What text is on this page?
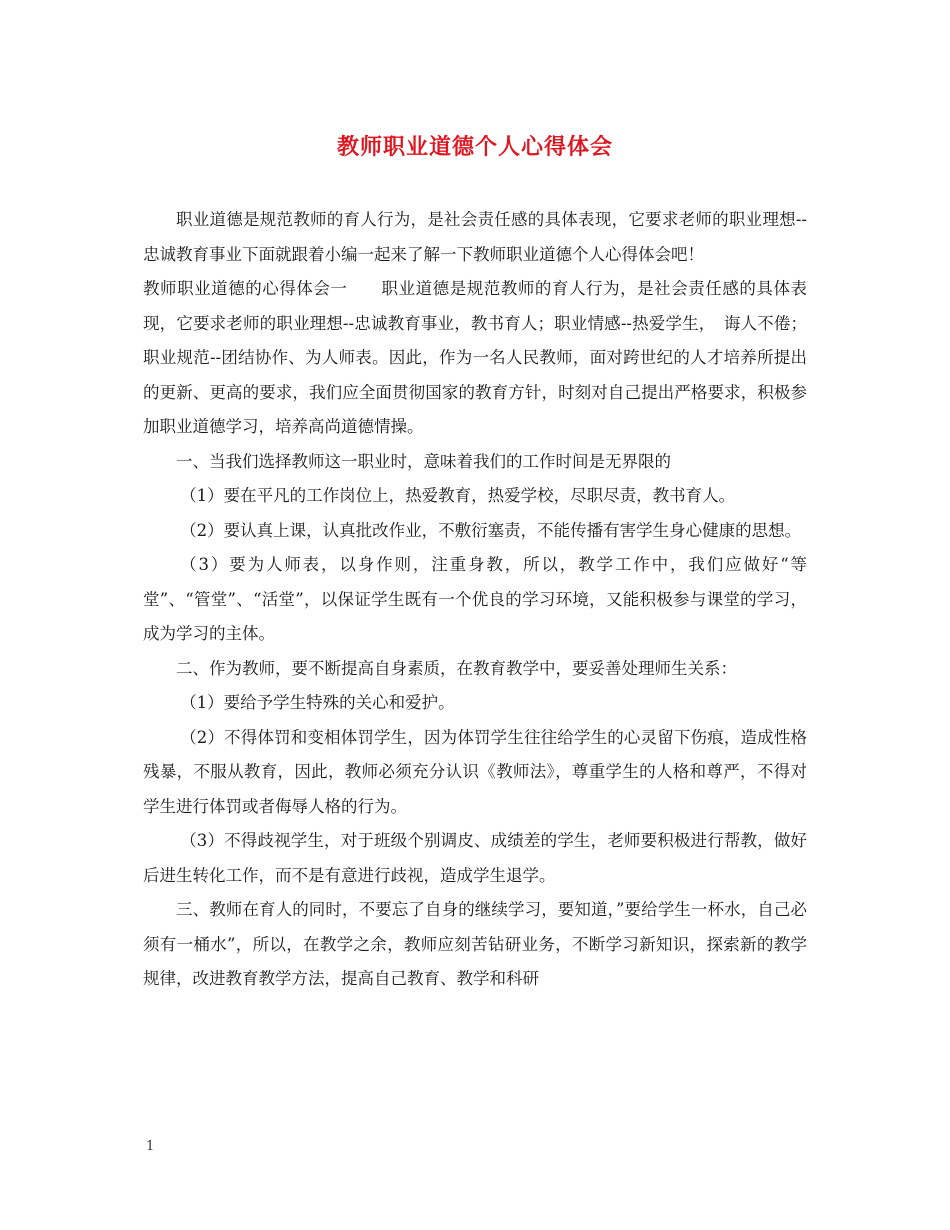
教师职业道德个人心得体会

职业道德是规范教师的育人行为，是社会责任感的具体表现，它要求老师的职业理想--忠诚教育事业下面就跟着小编一起来了解一下教师职业道德个人心得体会吧！

教师职业道德的心得体会一　　职业道德是规范教师的育人行为，是社会责任感的具体表现，它要求老师的职业理想--忠诚教育事业，教书育人；职业情感--热爱学生，　诲人不倦；职业规范--团结协作、为人师表。因此，作为一名人民教师，面对跨世纪的人才培养所提出的更新、更高的要求，我们应全面贯彻国家的教育方针，时刻对自己提出严格要求，积极参加职业道德学习，培养高尚道德情操。

一、当我们选择教师这一职业时，意味着我们的工作时间是无界限的

（1）要在平凡的工作岗位上，热爱教育，热爱学校，尽职尽责，教书育人。

（2）要认真上课，认真批改作业，不敷衍塞责，不能传播有害学生身心健康的思想。

（3）要为人师表，以身作则，注重身教，所以，教学工作中，我们应做好“等堂”、“管堂”、“活堂”，以保证学生既有一个优良的学习环境，又能积极参与课堂的学习，成为学习的主体。

二、作为教师，要不断提高自身素质，在教育教学中，要妥善处理师生关系：

（1）要给予学生特殊的关心和爱护。

（2）不得体罚和变相体罚学生，因为体罚学生往往给学生的心灵留下伤痕，造成性格残暴，不服从教育，因此，教师必须充分认识《教师法》，尊重学生的人格和尊严，不得对学生进行体罚或者侮辱人格的行为。

（3）不得歧视学生，对于班级个别调皮、成绩差的学生，老师要积极进行帮教，做好后进生转化工作，而不是有意进行歧视，造成学生退学。

三、教师在育人的同时，不要忘了自身的继续学习，要知道，”要给学生一杯水，自己必须有一桶水”，所以，在教学之余，教师应刻苦钻研业务，不断学习新知识，探索新的教学规律，改进教育教学方法，提高自己教育、教学和科研

1
